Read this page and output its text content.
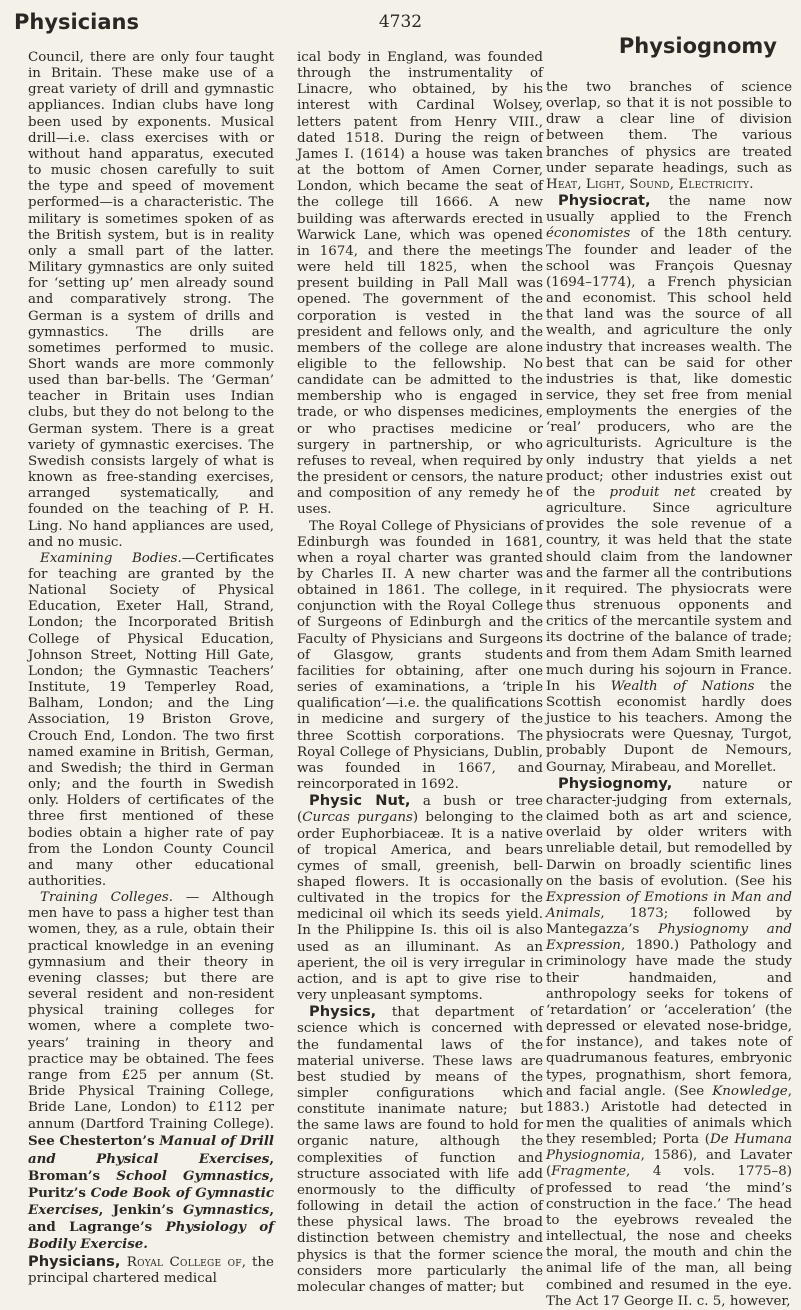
Physicians	4732
Physiognomy

Council, there are only four taught in Britain. These make use of a great variety of drill and gymnastic appliances. Indian clubs have long been used by exponents. Musical drill—i.e. class exercises with or without hand apparatus, executed to music chosen carefully to suit the type and speed of movement performed—is a characteristic. The military is sometimes spoken of as the British system, but is in reality only a small part of the latter. Military gymnastics are only suited for ‘setting up’ men already sound and comparatively strong. The German is a system of drills and gymnastics. The drills are sometimes performed to music. Short wands are more commonly used than bar-bells. The ‘German’ teacher in Britain uses Indian clubs, but they do not belong to the German system. There is a great variety of gymnastic exercises. The Swedish consists largely of what is known as free-standing exercises, arranged systematically, and founded on the teaching of P. H. Ling. No hand appliances are used, and no music.

Examining Bodies.—Certificates for teaching are granted by the National Society of Physical Education, Exeter Hall, Strand, London; the Incorporated British College of Physical Education, Johnson Street, Notting Hill Gate, London; the Gymnastic Teachers’ Institute, 19 Temperley Road, Balham, London; and the Ling Association, 19 Briston Grove, Crouch End, London. The two first named examine in British, German, and Swedish; the third in German only; and the fourth in Swedish only. Holders of certificates of the three first mentioned of these bodies obtain a higher rate of pay from the London County Council and many other educational authorities.

Training Colleges. — Although men have to pass a higher test than women, they, as a rule, obtain their practical knowledge in an evening gymnasium and their theory in evening classes; but there are several resident and non-resident physical training colleges for women, where a complete two-years’ training in theory and practice may be obtained. The fees range from £25 per annum (St. Bride Physical Training College, Bride Lane, London) to £112 per annum (Dartford Training College). See Chesterton’s Manual of Drill and Physical Exercises, Broman’s School Gymnastics, Puritz’s Code Book of Gymnastic Exercises, Jenkin’s Gymnastics, and Lagrange’s Physiology of Bodily Exercise.

Physicians, Royal College of, the principal chartered medical

ical body in England, was founded through the instrumentality of Linacre, who obtained, by his interest with Cardinal Wolsey, letters patent from Henry VIII., dated 1518. During the reign of James I. (1614) a house was taken at the bottom of Amen Corner, London, which became the seat of the college till 1666. A new building was afterwards erected in Warwick Lane, which was opened in 1674, and there the meetings were held till 1825, when the present building in Pall Mall was opened. The government of the corporation is vested in the president and fellows only, and the members of the college are alone eligible to the fellowship. No candidate can be admitted to the membership who is engaged in trade, or who dispenses medicines, or who practises medicine or surgery in partnership, or who refuses to reveal, when required by the president or censors, the nature and composition of any remedy he uses.

The Royal College of Physicians of Edinburgh was founded in 1681, when a royal charter was granted by Charles II. A new charter was obtained in 1861. The college, in conjunction with the Royal College of Surgeons of Edinburgh and the Faculty of Physicians and Surgeons of Glasgow, grants students facilities for obtaining, after one series of examinations, a ‘triple qualification’—i.e. the qualifications in medicine and surgery of the three Scottish corporations. The Royal College of Physicians, Dublin, was founded in 1667, and reincorporated in 1692.

Physic Nut, a bush or tree (Curcas purgans) belonging to the order Euphorbiaceæ. It is a native of tropical America, and bears cymes of small, greenish, bell-shaped flowers. It is occasionally cultivated in the tropics for the medicinal oil which its seeds yield. In the Philippine Is. this oil is also used as an illuminant. As an aperient, the oil is very irregular in action, and is apt to give rise to very unpleasant symptoms.

Physics, that department of science which is concerned with the fundamental laws of the material universe. These laws are best studied by means of the simpler configurations which constitute inanimate nature; but the same laws are found to hold for organic nature, although the complexities of function and structure associated with life add enormously to the difficulty of following in detail the action of these physical laws. The broad distinction between chemistry and physics is that the former science considers more particularly the molecular changes of matter; but

the two branches of science overlap, so that it is not possible to draw a clear line of division between them. The various branches of physics are treated under separate headings, such as Heat, Light, Sound, Electricity.

Physiocrat, the name now usually applied to the French économistes of the 18th century. The founder and leader of the school was François Quesnay (1694–1774), a French physician and economist. This school held that land was the source of all wealth, and agriculture the only industry that increases wealth. The best that can be said for other industries is that, like domestic service, they set free from menial employments the energies of the ‘real’ producers, who are the agriculturists. Agriculture is the only industry that yields a net product; other industries exist out of the produit net created by agriculture. Since agriculture provides the sole revenue of a country, it was held that the state should claim from the landowner and the farmer all the contributions it required. The physiocrats were thus strenuous opponents and critics of the mercantile system and its doctrine of the balance of trade; and from them Adam Smith learned much during his sojourn in France. In his Wealth of Nations the Scottish economist hardly does justice to his teachers. Among the physiocrats were Quesnay, Turgot, probably Dupont de Nemours, Gournay, Mirabeau, and Morellet.

Physiognomy, nature or character-judging from externals, claimed both as art and science, overlaid by older writers with unreliable detail, but remodelled by Darwin on broadly scientific lines on the basis of evolution. (See his Expression of Emotions in Man and Animals, 1873; followed by Mantegazza’s Physiognomy and Expression, 1890.) Pathology and criminology have made the study their handmaiden, and anthropology seeks for tokens of ‘retardation’ or ‘acceleration’ (the depressed or elevated nose-bridge, for instance), and takes note of quadrumanous features, embryonic types, prognathism, short femora, and facial angle. (See Knowledge, 1883.) Aristotle had detected in men the qualities of animals which they resembled; Porta (De Humana Physiognomia, 1586), and Lavater (Fragmente, 4 vols. 1775–8) professed to read ‘the mind’s construction in the face.’ The head to the eyebrows revealed the intellectual, the nose and cheeks the moral, the mouth and chin the animal life of the man, all being combined and resumed in the eye. The Act 17 George II. c. 5, however,
